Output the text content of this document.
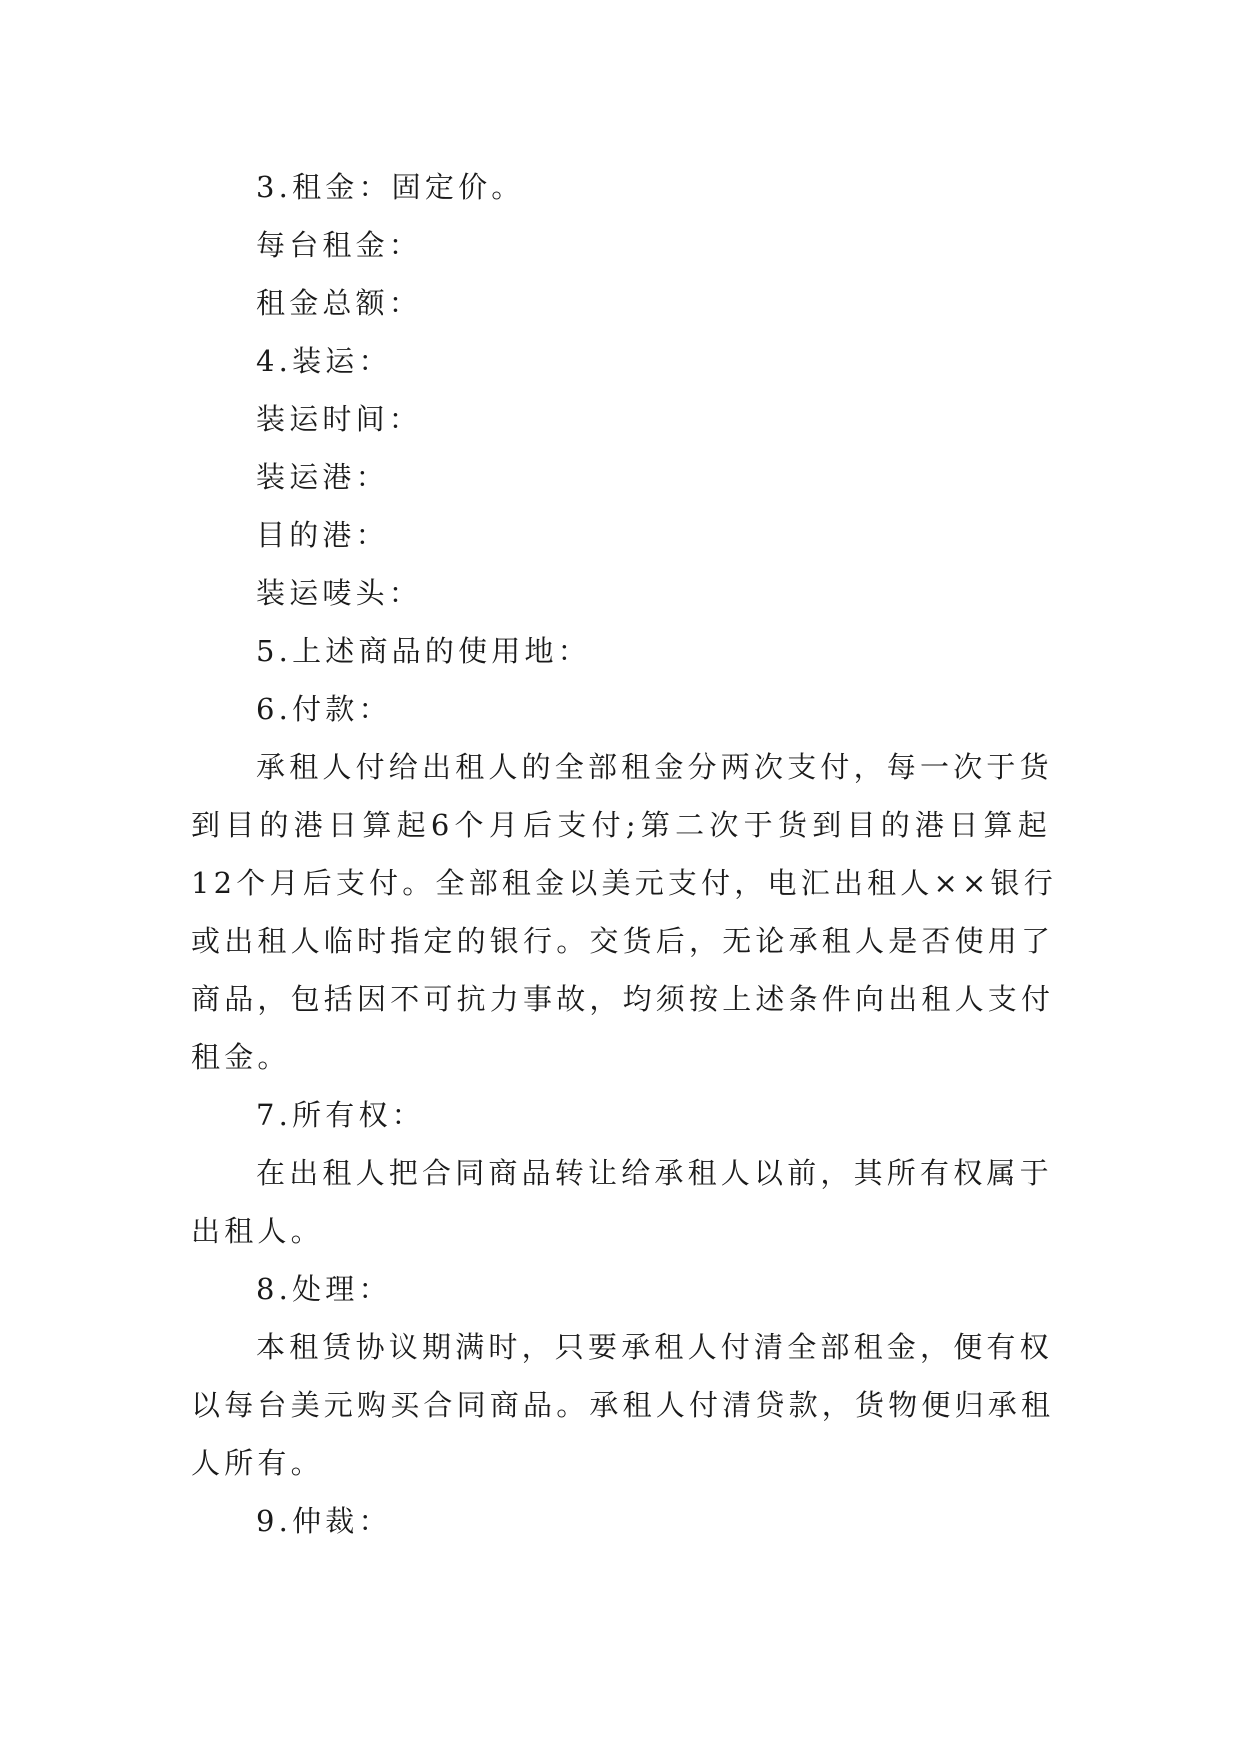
3.租金：固定价。
每台租金：
租金总额：
4.装运：
装运时间：
装运港：
目的港：
装运唛头：
5.上述商品的使用地：
6.付款：
承租人付给出租人的全部租金分两次支付，每一次于货
到目的港日算起6个月后支付;第二次于货到目的港日算起
12个月后支付。全部租金以美元支付，电汇出租人××银行
或出租人临时指定的银行。交货后，无论承租人是否使用了
商品，包括因不可抗力事故，均须按上述条件向出租人支付
租金。
7.所有权：
在出租人把合同商品转让给承租人以前，其所有权属于
出租人。
8.处理：
本租赁协议期满时，只要承租人付清全部租金，便有权
以每台美元购买合同商品。承租人付清贷款，货物便归承租
人所有。
9.仲裁：
